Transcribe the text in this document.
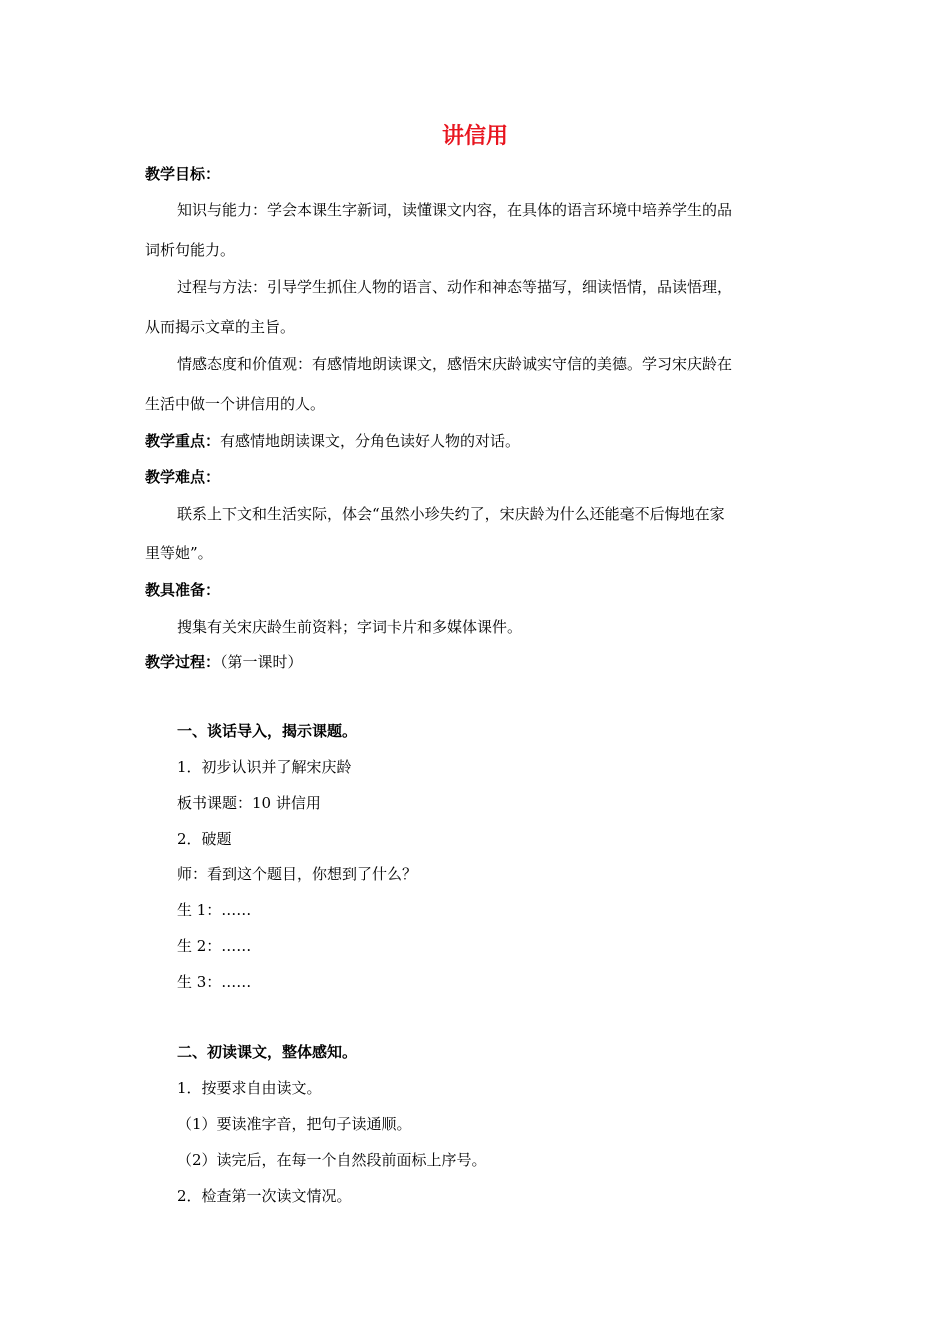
讲信用
教学目标：
知识与能力：学会本课生字新词，读懂课文内容，在具体的语言环境中培养学生的品
词析句能力。
过程与方法：引导学生抓住人物的语言、动作和神态等描写，细读悟情，品读悟理，
从而揭示文章的主旨。
情感态度和价值观：有感情地朗读课文，感悟宋庆龄诚实守信的美德。学习宋庆龄在
生活中做一个讲信用的人。
教学重点：有感情地朗读课文，分角色读好人物的对话。
教学难点：
联系上下文和生活实际，体会“虽然小珍失约了，宋庆龄为什么还能毫不后悔地在家
里等她”。
教具准备：
搜集有关宋庆龄生前资料；字词卡片和多媒体课件。
教学过程：（第一课时）
一、谈话导入，揭示课题。
1．初步认识并了解宋庆龄
板书课题：10 讲信用
2．破题
师：看到这个题目，你想到了什么？
生 1：……
生 2：……
生 3：……
二、初读课文，整体感知。
1．按要求自由读文。
（1）要读准字音，把句子读通顺。
（2）读完后，在每一个自然段前面标上序号。
2．检查第一次读文情况。
